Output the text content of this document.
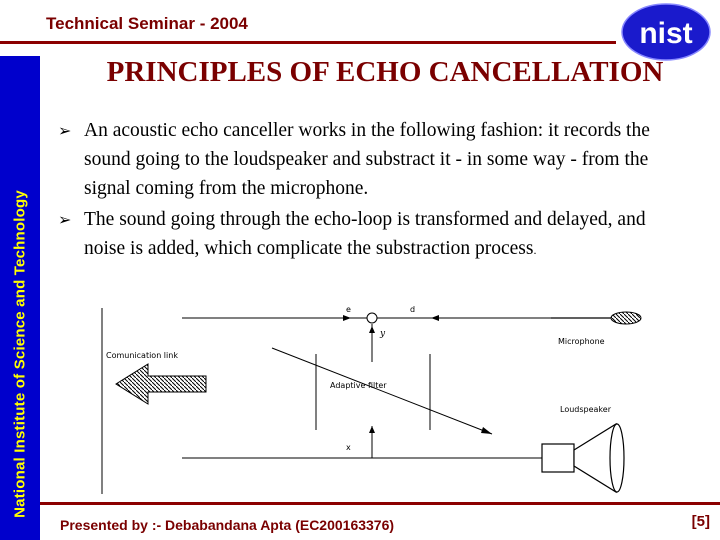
Technical Seminar - 2004	nist
National Institute of Science and Technology
PRINCIPLES OF ECHO CANCELLATION
➢ An acoustic echo canceller works in the following fashion: it records the sound going to the loudspeaker and substract it - in some way - from the signal coming from the microphone.
➢ The sound going through the echo-loop is transformed and delayed, and noise is added, which complicate the substraction process.
e	d
y
Microphone
Comunication link
Adaptive filter
Loudspeaker
x
Presented by :- Debabandana Apta (EC200163376)	[5]
